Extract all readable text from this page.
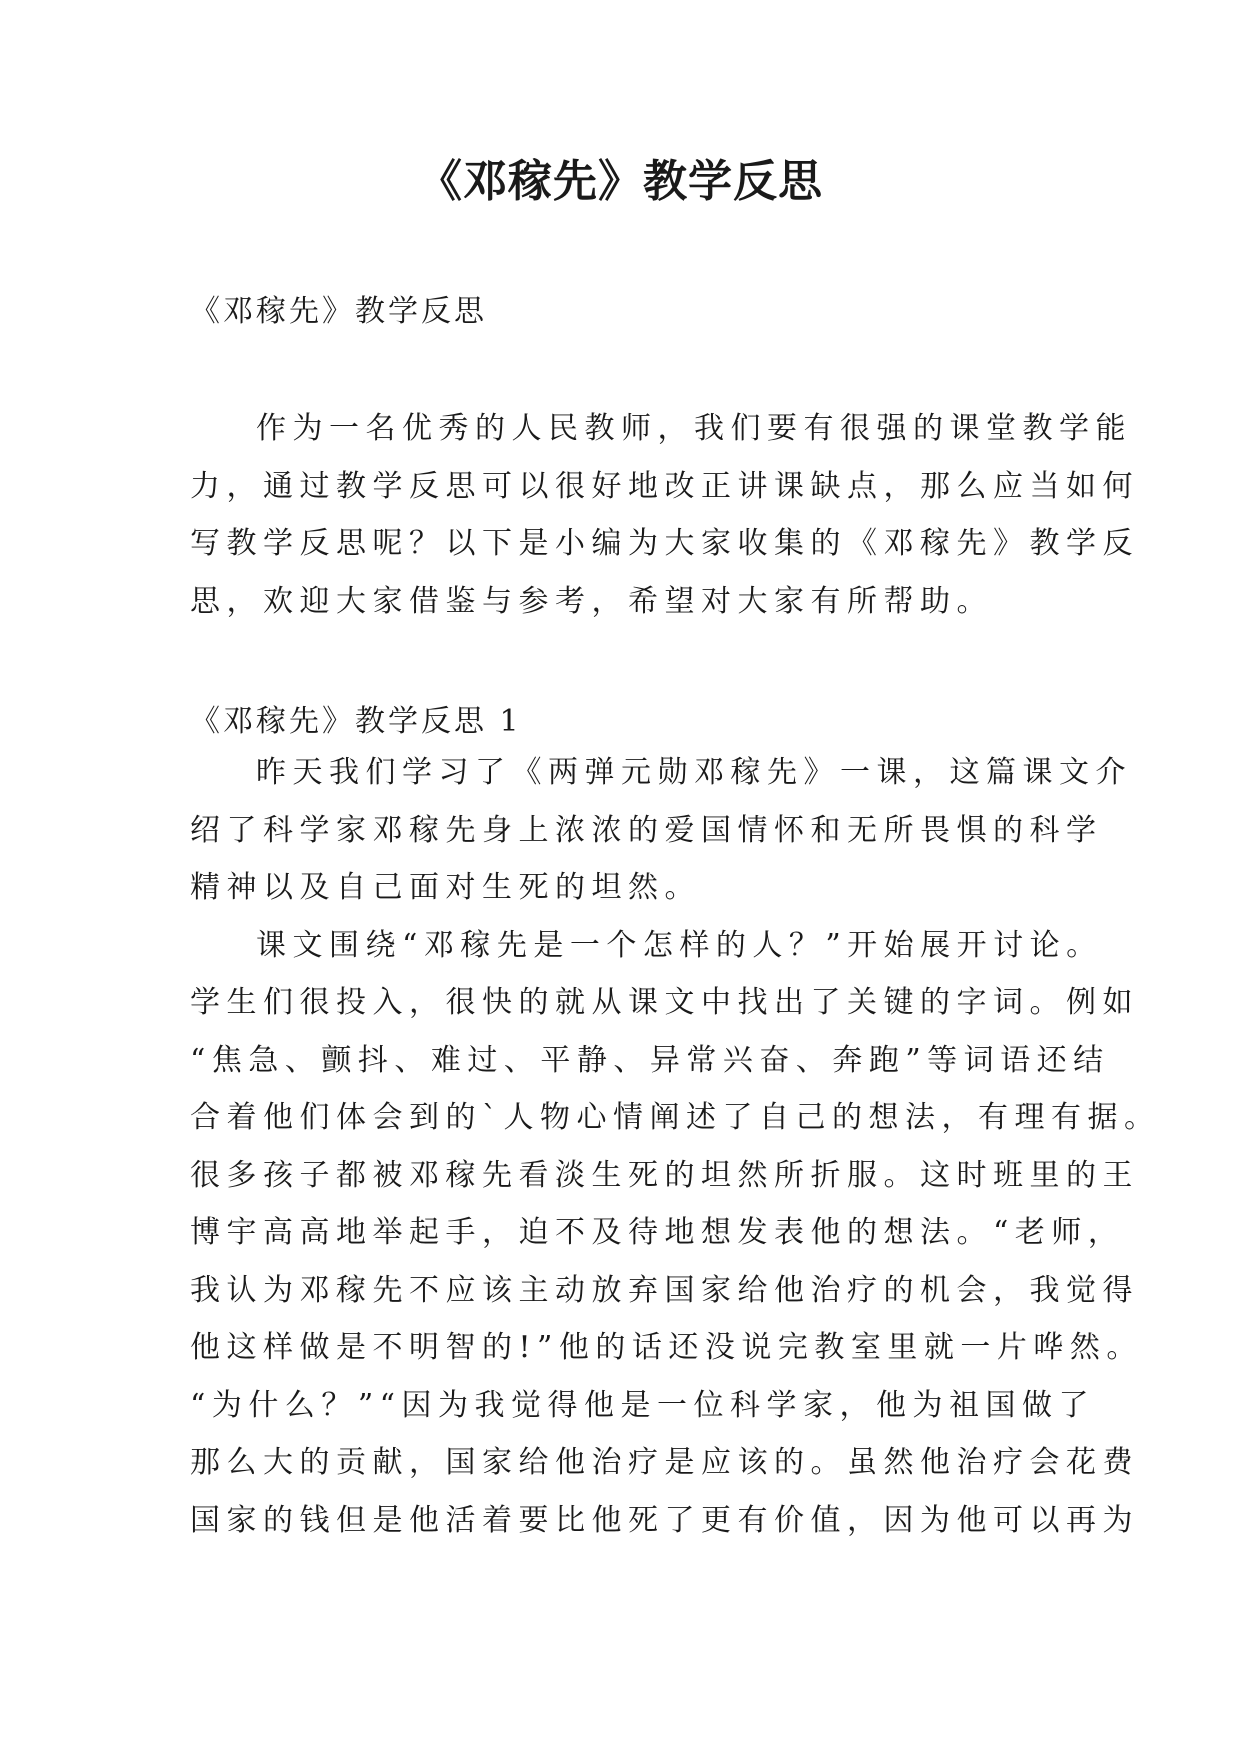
《邓稼先》教学反思
《邓稼先》教学反思
作为一名优秀的人民教师，我们要有很强的课堂教学能
力，通过教学反思可以很好地改正讲课缺点，那么应当如何
写教学反思呢？以下是小编为大家收集的《邓稼先》教学反
思，欢迎大家借鉴与参考，希望对大家有所帮助。
《邓稼先》教学反思 1
昨天我们学习了《两弹元勋邓稼先》一课，这篇课文介
绍了科学家邓稼先身上浓浓的爱国情怀和无所畏惧的科学
精神以及自己面对生死的坦然。
课文围绕“邓稼先是一个怎样的人？”开始展开讨论。
学生们很投入，很快的就从课文中找出了关键的字词。例如
“焦急、颤抖、难过、平静、异常兴奋、奔跑”等词语还结
合着他们体会到的`人物心情阐述了自己的想法，有理有据。
很多孩子都被邓稼先看淡生死的坦然所折服。这时班里的王
博宇高高地举起手，迫不及待地想发表他的想法。“老师，
我认为邓稼先不应该主动放弃国家给他治疗的机会，我觉得
他这样做是不明智的!”他的话还没说完教室里就一片哗然。
“为什么？”“因为我觉得他是一位科学家，他为祖国做了
那么大的贡献，国家给他治疗是应该的。虽然他治疗会花费
国家的钱但是他活着要比他死了更有价值，因为他可以再为
